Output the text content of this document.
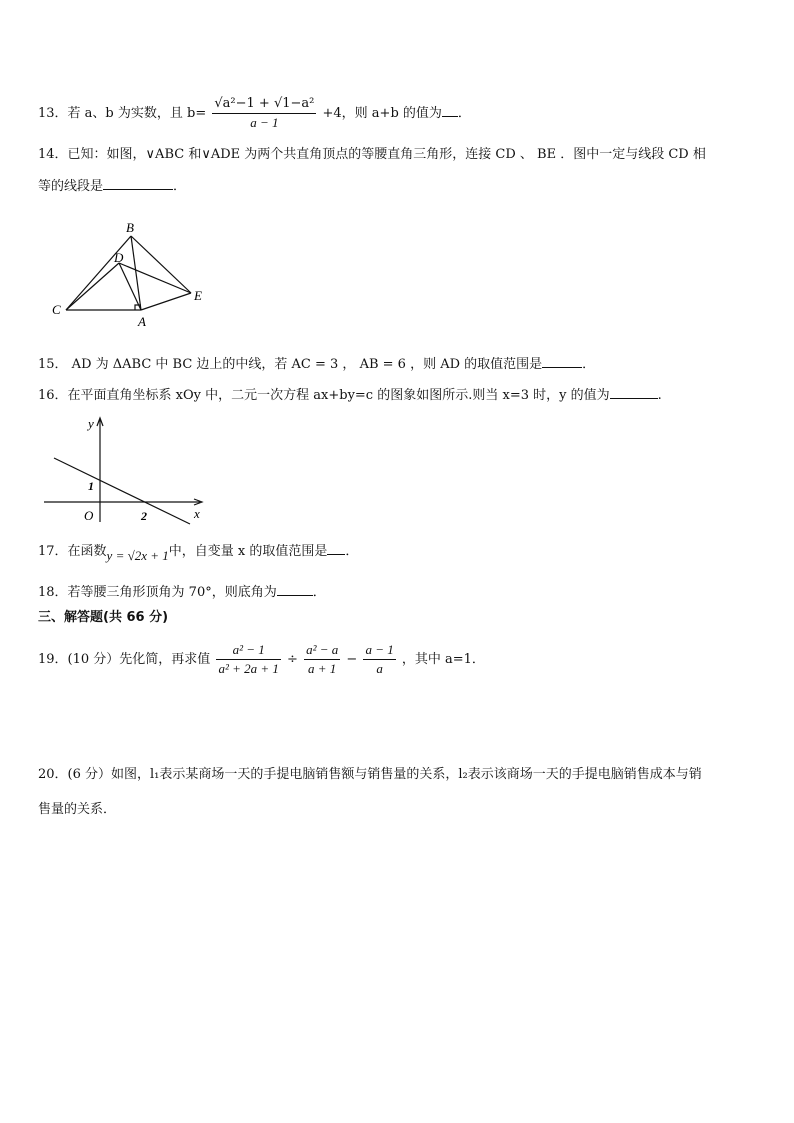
13．若 a、b 为实数，且 $b= \frac{\text{√a²−1 + √1−a²}}{a - 1} +4$，则 a+b 的值为 ．
14．已知：如图，∨ABC 和∨ADE 为两个共直角顶点的等腰直角三角形，连接 CD 、 BE ．图中一定与线段 CD 相
等的线段是	．
B
D
C
E
A
15． AD 为 ΔABC 中 BC 边上的中线，若 AC = 3 ， AB = 6 ，则 AD 的取值范围是	．
16．在平面直角坐标系 xOy 中，二元一次方程 ax+by=c 的图象如图所示.则当 x=3 时，y 的值为	.
y
x
O
1
2
17．在函数y = √2x + 1中，自变量 x 的取值范围是 ．
18．若等腰三角形顶角为 70°，则底角为	．
三、解答题(共 66 分)
19．(10 分）先化简，再求值 $\frac{\text{a² − 1}}{\text{a² + 2a + 1}} \div \frac{\text{a² − a}}{a + 1} - \frac{a - 1}{a}$ ，其中 a=1．
20．(6 分）如图，l₁表示某商场一天的手提电脑销售额与销售量的关系，l₂表示该商场一天的手提电脑销售成本与销
售量的关系．
